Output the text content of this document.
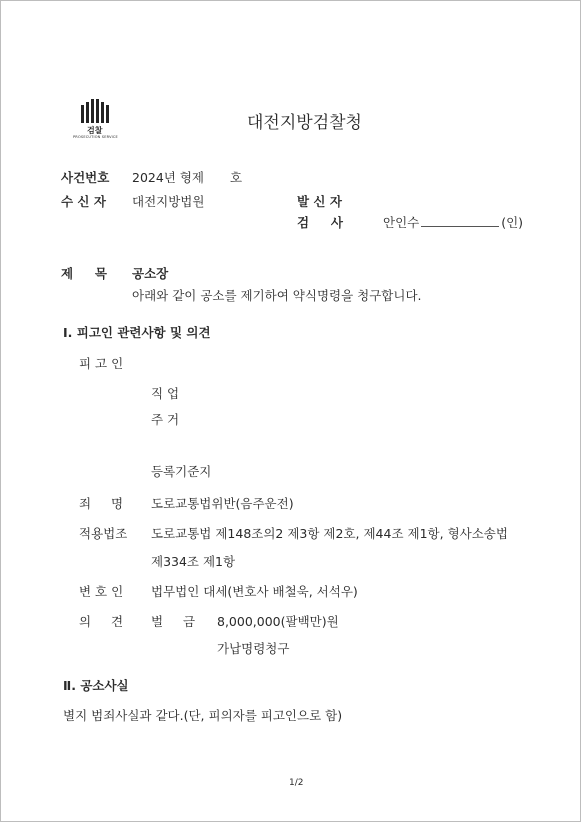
검찰
PROSECUTION SERVICE
대전지방검찰청
사건번호 2024년 형제 호
수 신 자 대전지방법원	발 신 자
검     사	안인수	(인)
제     목 공소장
아래와 같이 공소를 제기하여 약식명령을 청구합니다.
Ⅰ. 피고인 관련사항 및 의견
피 고 인
직 업
주 거
등록기준지
죄     명 도로교통법위반(음주운전)
적용법조 도로교통법 제148조의2 제3항 제2호, 제44조 제1항, 형사소송법
제334조 제1항
변 호 인 법무법인 대세(변호사 배철욱, 서석우)
의     견 벌     금 8,000,000(팔백만)원
가납명령청구
Ⅱ. 공소사실
별지 범죄사실과 같다.(단, 피의자를 피고인으로 함)
1/2
